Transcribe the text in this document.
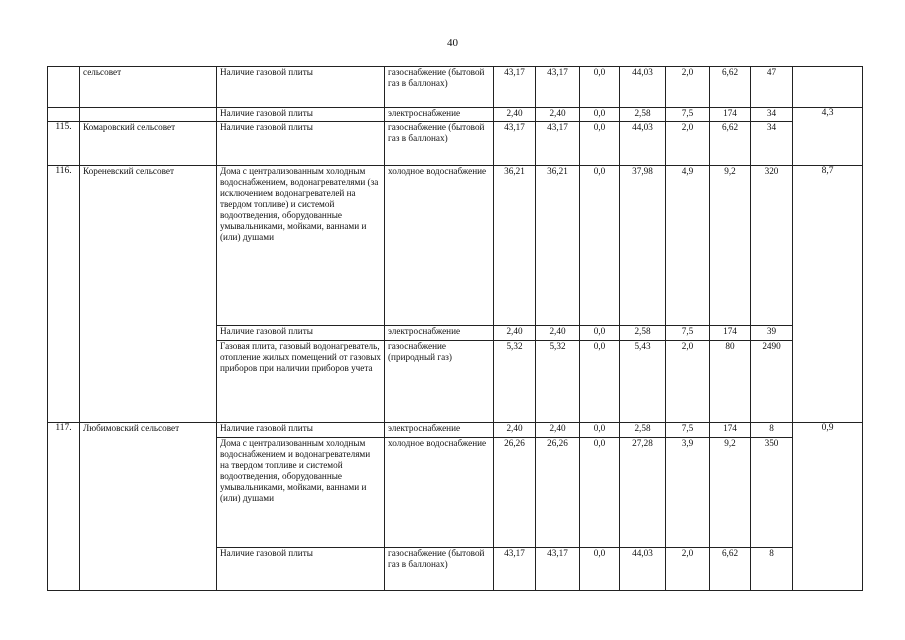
40
	сельсовет	Наличие газовой плиты	газоснабжение (бытовой газ в баллонах)	43,17	43,17	0,0	44,03	2,0	6,62	47	
		Наличие газовой плиты	электроснабжение	2,40	2,40	0,0	2,58	7,5	174	34	4,3
115.	Комаровский сельсовет	Наличие газовой плиты	газоснабжение (бытовой газ в баллонах)	43,17	43,17	0,0	44,03	2,0	6,62	34	
116.	Кореневский сельсовет	Дома с централизованным холодным водоснабжением, водонагревателями (за исключением водонагревателей на твердом топливе) и системой водоотведения, оборудованные умывальниками, мойками, ваннами и (или) душами	холодное водоснабжение	36,21	36,21	0,0	37,98	4,9	9,2	320	8,7
		Наличие газовой плиты	электроснабжение	2,40	2,40	0,0	2,58	7,5	174	39	
		Газовая плита, газовый водонагреватель, отопление жилых помещений от газовых приборов при наличии приборов учета	газоснабжение (природный газ)	5,32	5,32	0,0	5,43	2,0	80	2490	
117.	Любимовский сельсовет	Наличие газовой плиты	электроснабжение	2,40	2,40	0,0	2,58	7,5	174	8	0,9
		Дома с централизованным холодным водоснабжением и водонагревателями на твердом топливе и системой водоотведения, оборудованные умывальниками, мойками, ваннами и (или) душами	холодное водоснабжение	26,26	26,26	0,0	27,28	3,9	9,2	350	
		Наличие газовой плиты	газоснабжение (бытовой газ в баллонах)	43,17	43,17	0,0	44,03	2,0	6,62	8	
